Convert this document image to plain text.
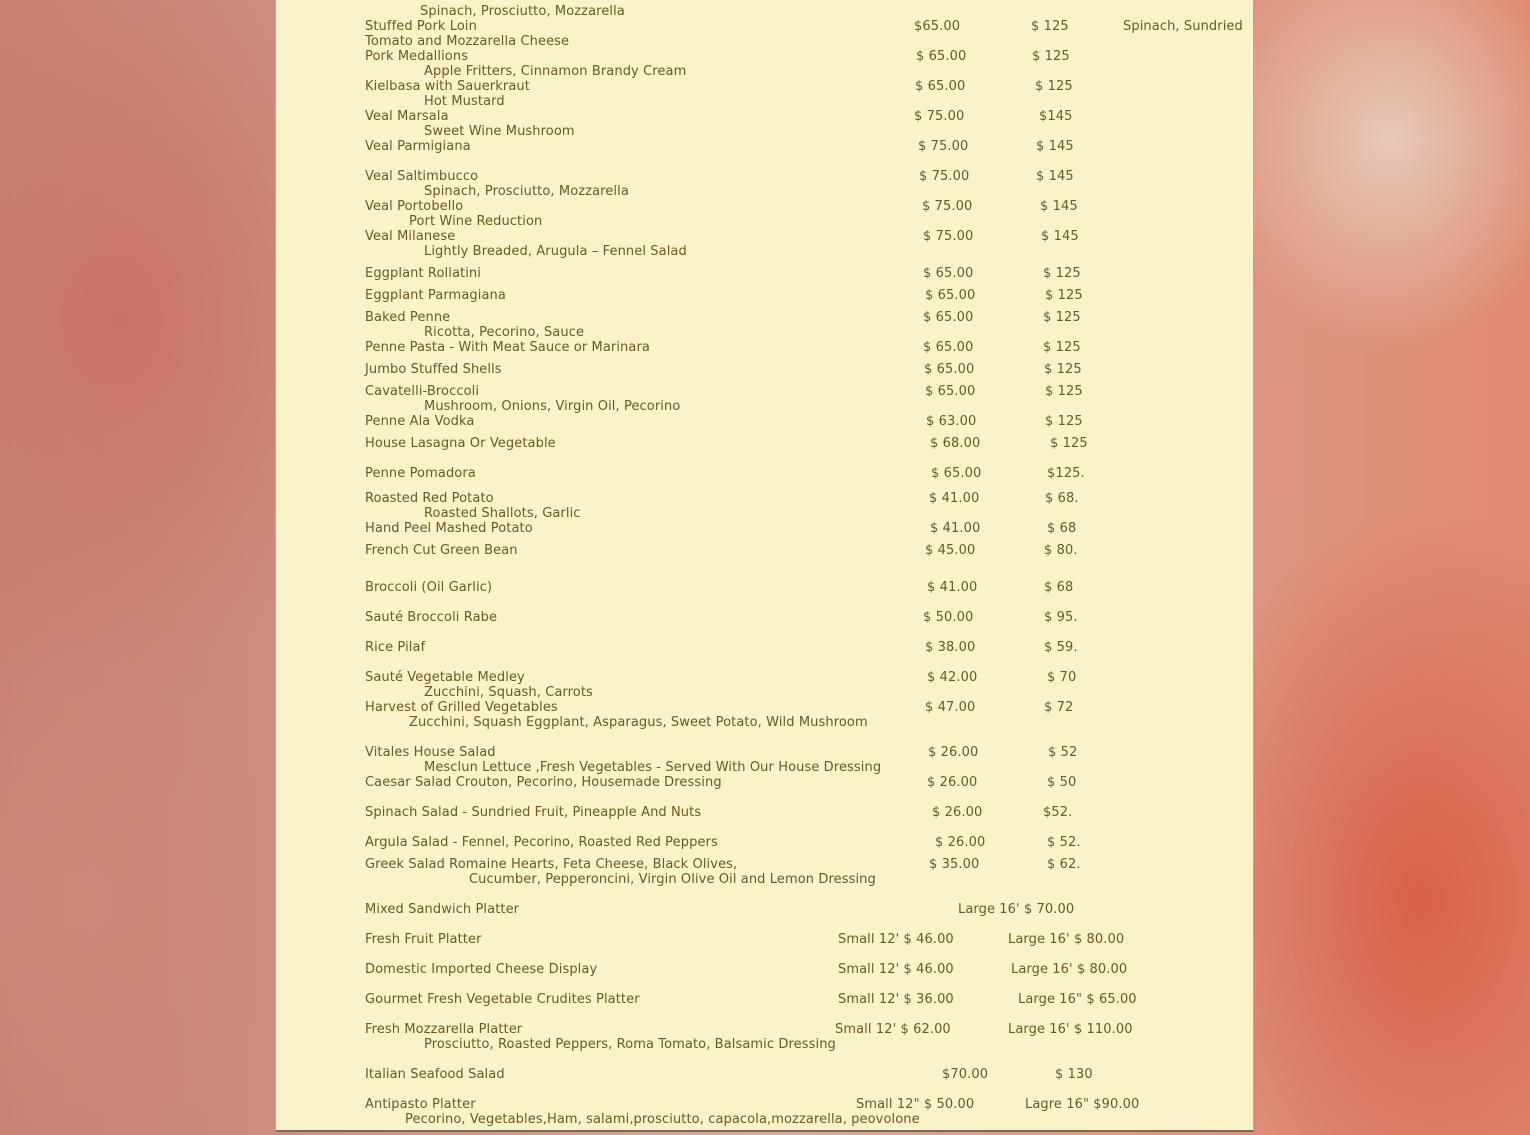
Spinach, Prosciutto, Mozzarella
Stuffed Pork Loin	$65.00	$ 125	Spinach, Sundried
Tomato and Mozzarella Cheese
Pork Medallions	$ 65.00	$ 125
Apple Fritters, Cinnamon Brandy Cream
Kielbasa with Sauerkraut	$ 65.00	$ 125
Hot Mustard
Veal Marsala	$ 75.00	$145
Sweet Wine Mushroom
Veal Parmigiana	$ 75.00	$ 145
Veal Saltimbucco	$ 75.00	$ 145
Spinach, Prosciutto, Mozzarella
Veal Portobello	$ 75.00	$ 145
Port Wine Reduction
Veal Milanese	$ 75.00	$ 145
Lightly Breaded, Arugula – Fennel Salad
Eggplant Rollatini	$ 65.00	$ 125
Eggplant Parmagiana	$ 65.00	$ 125
Baked Penne	$ 65.00	$ 125
Ricotta, Pecorino, Sauce
Penne Pasta - With Meat Sauce or Marinara	$ 65.00	$ 125
Jumbo Stuffed Shells	$ 65.00	$ 125
Cavatelli-Broccoli	$ 65.00	$ 125
Mushroom, Onions, Virgin Oil, Pecorino
Penne Ala Vodka	$ 63.00	$ 125
House Lasagna Or Vegetable	$ 68.00	$ 125
Penne Pomadora	$ 65.00	$125.
Roasted Red Potato	$ 41.00	$ 68.
Roasted Shallots, Garlic
Hand Peel Mashed Potato	$ 41.00	$ 68
French Cut Green Bean	$ 45.00	$ 80.
Broccoli (Oil Garlic)	$ 41.00	$ 68
Sauté Broccoli Rabe	$ 50.00	$ 95.
Rice Pilaf	$ 38.00	$ 59.
Sauté Vegetable Medley	$ 42.00	$ 70
Zucchini, Squash, Carrots
Harvest of Grilled Vegetables	$ 47.00	$ 72
Zucchini, Squash Eggplant, Asparagus, Sweet Potato, Wild Mushroom
Vitales House Salad	$ 26.00	$ 52
Mesclun Lettuce ,Fresh Vegetables - Served With Our House Dressing
Caesar Salad Crouton, Pecorino, Housemade Dressing	$ 26.00	$ 50
Spinach Salad - Sundried Fruit, Pineapple And Nuts	$ 26.00	$52.
Argula Salad - Fennel, Pecorino, Roasted Red Peppers	$ 26.00	$ 52.
Greek Salad Romaine Hearts, Feta Cheese, Black Olives,	$ 35.00	$ 62.
Cucumber, Pepperoncini, Virgin Olive Oil and Lemon Dressing
Mixed Sandwich Platter	Large 16' $ 70.00
Fresh Fruit Platter	Small 12' $ 46.00	Large 16' $ 80.00
Domestic Imported Cheese Display	Small 12' $ 46.00	Large 16' $ 80.00
Gourmet Fresh Vegetable Crudites Platter	Small 12' $ 36.00	Large 16" $ 65.00
Fresh Mozzarella Platter	Small 12' $ 62.00	Large 16' $ 110.00
Prosciutto, Roasted Peppers, Roma Tomato, Balsamic Dressing
Italian Seafood Salad	$70.00	$ 130
Antipasto Platter	Small 12" $ 50.00	Lagre 16" $90.00
Pecorino, Vegetables,Ham, salami,prosciutto, capacola,mozzarella, peovolone
